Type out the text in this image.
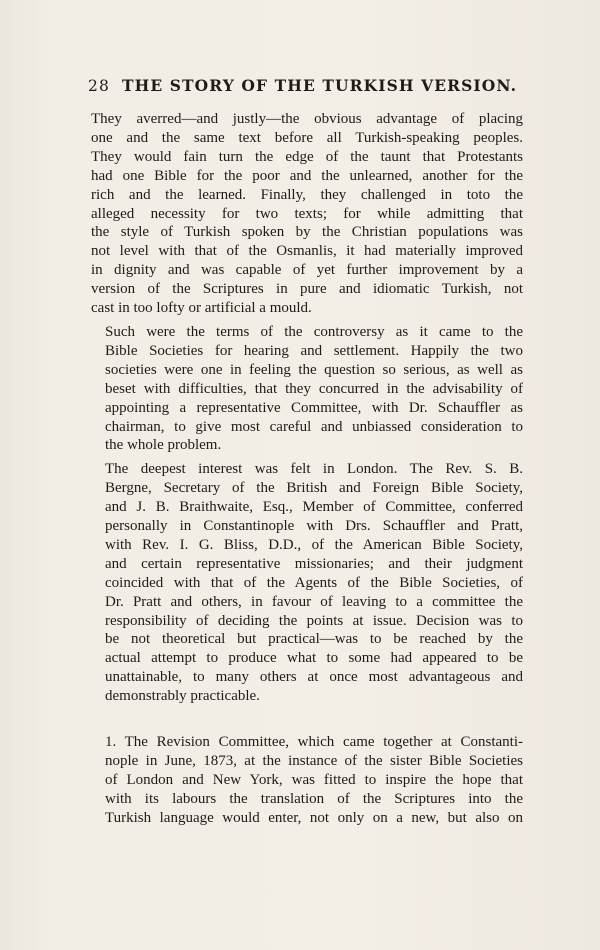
28 THE STORY OF THE TURKISH VERSION.

They averred—and justly—the obvious advantage of placing
one and the same text before all Turkish-speaking peoples.
They would fain turn the edge of the taunt that Protestants
had one Bible for the poor and the unlearned, another for the
rich and the learned. Finally, they challenged in toto the
alleged necessity for two texts; for while admitting that
the style of Turkish spoken by the Christian populations was
not level with that of the Osmanlis, it had materially improved
in dignity and was capable of yet further improvement by a
version of the Scriptures in pure and idiomatic Turkish, not
cast in too lofty or artificial a mould.

Such were the terms of the controversy as it came to the
Bible Societies for hearing and settlement. Happily the two
societies were one in feeling the question so serious, as well as
beset with difficulties, that they concurred in the advisability of
appointing a representative Committee, with Dr. Schauffler as
chairman, to give most careful and unbiassed consideration to
the whole problem.

The deepest interest was felt in London. The Rev. S. B.
Bergne, Secretary of the British and Foreign Bible Society,
and J. B. Braithwaite, Esq., Member of Committee, conferred
personally in Constantinople with Drs. Schauffler and Pratt,
with Rev. I. G. Bliss, D.D., of the American Bible Society,
and certain representative missionaries; and their judgment
coincided with that of the Agents of the Bible Societies, of
Dr. Pratt and others, in favour of leaving to a committee the
responsibility of deciding the points at issue. Decision was to
be not theoretical but practical—was to be reached by the
actual attempt to produce what to some had appeared to be
unattainable, to many others at once most advantageous and
demonstrably practicable.

1. The Revision Committee, which came together at Constanti-
nople in June, 1873, at the instance of the sister Bible Societies
of London and New York, was fitted to inspire the hope that
with its labours the translation of the Scriptures into the
Turkish language would enter, not only on a new, but also on
